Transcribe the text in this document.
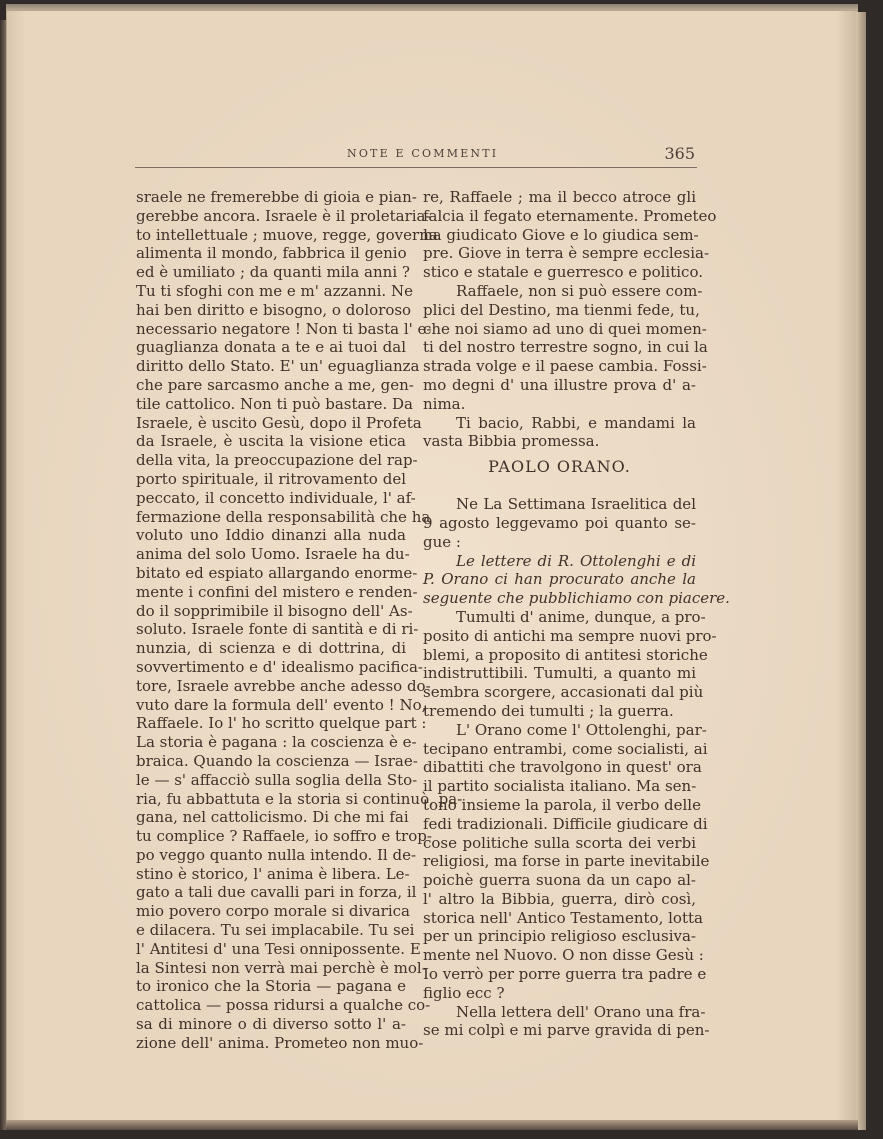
NOTE E COMMENTI	365
sraele ne fremerebbe di gioia e pian-
gerebbe ancora. Israele è il proletaria-
to intellettuale ; muove, regge, governa
alimenta il mondo, fabbrica il genio
ed è umiliato ; da quanti mila anni ?
Tu ti sfoghi con me e m' azzanni. Ne
hai ben diritto e bisogno, o doloroso
necessario negatore ! Non ti basta l' e-
guaglianza donata a te e ai tuoi dal
diritto dello Stato. E' un' eguaglianza
che pare sarcasmo anche a me, gen-
tile cattolico. Non ti può bastare. Da
Israele, è uscito Gesù, dopo il Profeta
da Israele, è uscita la visione etica
della vita, la preoccupazione del rap-
porto spirituale, il ritrovamento del
peccato, il concetto individuale, l' af-
fermazione della responsabilità che ha
voluto uno Iddio dinanzi alla nuda
anima del solo Uomo. Israele ha du-
bitato ed espiato allargando enorme-
mente i confini del mistero e renden-
do il sopprimibile il bisogno dell' As-
soluto. Israele fonte di santità e di ri-
nunzia, di scienza e di dottrina, di
sovvertimento e d' idealismo pacifica-
tore, Israele avrebbe anche adesso do-
vuto dare la formula dell' evento ! No,
Raffaele. Io l' ho scritto quelque part :
La storia è pagana : la coscienza è e-
braica. Quando la coscienza — Israe-
le — s' affacciò sulla soglia della Sto-
ria, fu abbattuta e la storia si continuò, pa-
gana, nel cattolicismo. Di che mi fai
tu complice ? Raffaele, io soffro e trop-
po veggo quanto nulla intendo. Il de-
stino è storico, l' anima è libera. Le-
gato a tali due cavalli pari in forza, il
mio povero corpo morale si divarica
e dilacera. Tu sei implacabile. Tu sei
l' Antitesi d' una Tesi onnipossente. E
la Sintesi non verrà mai perchè è mol-
to ironico che la Storia — pagana e
cattolica — possa ridursi a qualche co-
sa di minore o di diverso sotto l' a-
zione dell' anima. Prometeo non muo-
re, Raffaele ; ma il becco atroce gli
falcia il fegato eternamente. Prometeo
ha giudicato Giove e lo giudica sem-
pre. Giove in terra è sempre ecclesia-
stico e statale e guerresco e politico.
Raffaele, non si può essere com-
plici del Destino, ma tienmi fede, tu,
che noi siamo ad uno di quei momen-
ti del nostro terrestre sogno, in cui la
strada volge e il paese cambia. Fossi-
mo degni d' una illustre prova d' a-
nima.
Ti bacio, Rabbi, e mandami la
vasta Bibbia promessa.
PAOLO ORANO.
Ne La Settimana Israelitica del
9 agosto leggevamo poi quanto se-
gue :
Le lettere di R. Ottolenghi e di
P. Orano ci han procurato anche la
seguente che pubblichiamo con piacere.
Tumulti d' anime, dunque, a pro-
posito di antichi ma sempre nuovi pro-
blemi, a proposito di antitesi storiche
indistruttibili. Tumulti, a quanto mi
sembra scorgere, accasionati dal più
tremendo dei tumulti ; la guerra.
L' Orano come l' Ottolenghi, par-
tecipano entrambi, come socialisti, ai
dibattiti che travolgono in quest' ora
il partito socialista italiano. Ma sen-
tono insieme la parola, il verbo delle
fedi tradizionali. Difficile giudicare di
cose politiche sulla scorta dei verbi
religiosi, ma forse in parte inevitabile
poichè guerra suona da un capo al-
l' altro la Bibbia, guerra, dirò così,
storica nell' Antico Testamento, lotta
per un principio religioso esclusiva-
mente nel Nuovo. O non disse Gesù :
Io verrò per porre guerra tra padre e
figlio ecc ?
Nella lettera dell' Orano una fra-
se mi colpì e mi parve gravida di pen-
